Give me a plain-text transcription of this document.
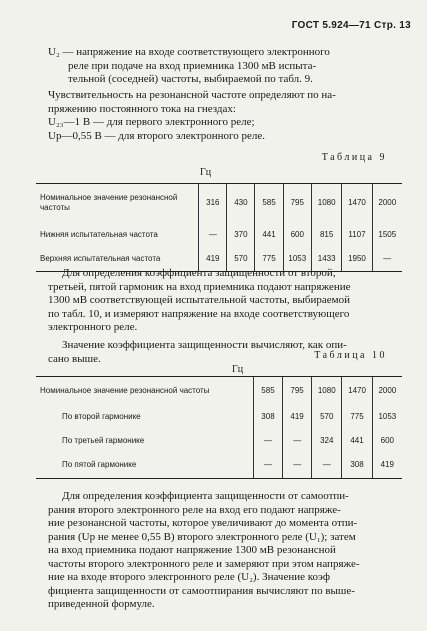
ГОСТ 5.924—71 Стр. 13
U₂ — напряжение на входе соответствующего электронного
реле при подаче на вход приемника 1300 мВ испыта-
тельной (соседней) частоты, выбираемой по табл. 9.
Чувствительность на резонансной частоте определяют по на-
пряжению постоянного тока на гнездах:
U₂₃—1 В — для первого электронного реле;
Uр—0,55 В — для второго электронного реле.
Таблица 9
Гц
Номинальное значение резонансной
частоты	316	430	585	795	1080	1470	2000
Нижняя испытательная частота	—	370	441	600	815	1107	1505
Верхняя испытательная частота	419	570	775	1053	1433	1950	—
Для определения коэффициента защищенности от второй,
третьей, пятой гармоник на вход приемника подают напряжение
1300 мВ соответствующей испытательной частоты, выбираемой
по табл. 10, и измеряют напряжение на входе соответствующего
электронного реле.
Значение коэффициента защищенности вычисляют, как опи-
сано выше.	Таблица 10
Гц
Номинальное значение резонансной частоты	585	795	1080	1470	2000
По второй гармонике	308	419	570	775	1053
По третьей гармонике	—	—	324	441	600
По пятой гармонике	—	—	—	308	419
Для определения коэффициента защищенности от самоотпи-
рания второго электронного реле на вход его подают напряже-
ние резонансной частоты, которое увеличивают до момента отпи-
рания (Uр не менее 0,55 В) второго электронного реле (U₁); затем
на вход приемника подают напряжение 1300 мВ резонансной
частоты второго электронного реле и замеряют при этом напряже-
ние на входе второго электронного реле (U₂). Значение коэф
фициента защищенности от самоотпирания вычисляют по выше-
приведенной формуле.
